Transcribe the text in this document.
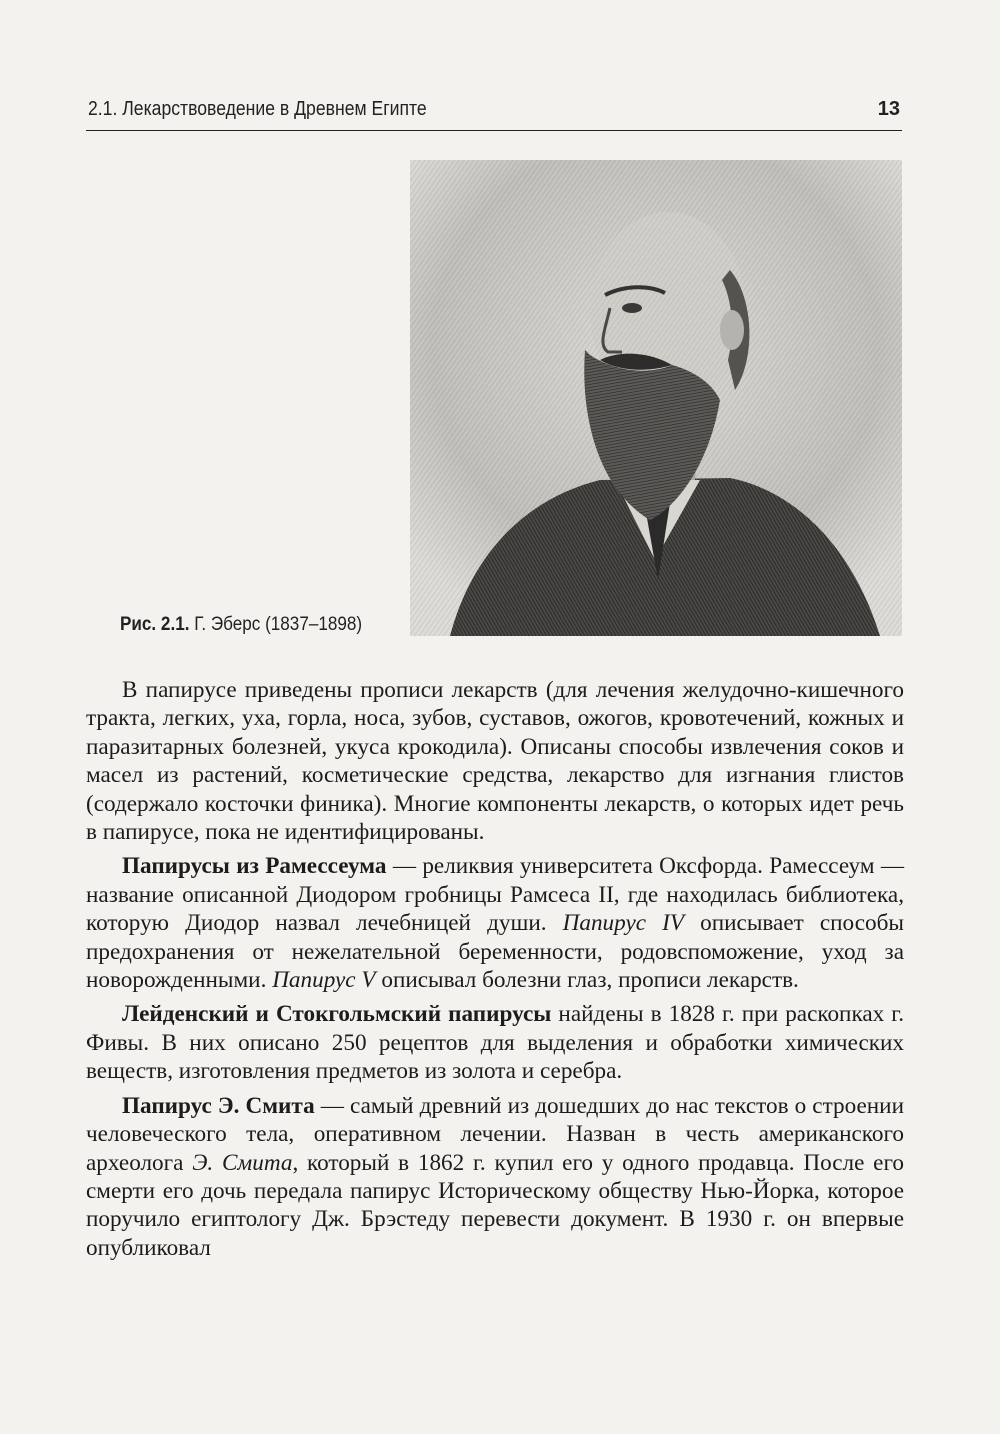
2.1. Лекарствоведение в Древнем Египте	13
Рис. 2.1. Г. Эберс (1837–1898)

В папирусе приведены прописи лекарств (для лечения желудочно-кишечного тракта, легких, уха, горла, носа, зубов, суставов, ожогов, кровотечений, кожных и паразитарных болезней, укуса крокодила). Описаны способы извлечения соков и масел из растений, косметические средства, лекарство для изгнания глистов (содержало косточки финика). Многие компоненты лекарств, о которых идет речь в папирусе, пока не идентифицированы.

Папирусы из Рамессеума — реликвия университета Оксфорда. Рамессеум — название описанной Диодором гробницы Рамсеса II, где находилась библиотека, которую Диодор назвал лечебницей души. Папирус IV описывает способы предохранения от нежелательной беременности, родовспоможение, уход за новорожденными. Папирус V описывал болезни глаз, прописи лекарств.

Лейденский и Стокгольмский папирусы найдены в 1828 г. при раскопках г. Фивы. В них описано 250 рецептов для выделения и обработки химических веществ, изготовления предметов из золота и серебра.

Папирус Э. Смита — самый древний из дошедших до нас текстов о строении человеческого тела, оперативном лечении. Назван в честь американского археолога Э. Смита, который в 1862 г. купил его у одного продавца. После его смерти его дочь передала папирус Историческому обществу Нью-Йорка, которое поручило египтологу Дж. Брэстеду перевести документ. В 1930 г. он впервые опубликовал
